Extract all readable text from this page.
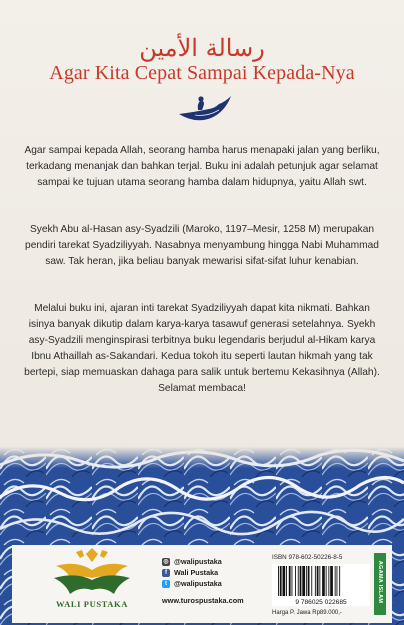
رسالة الأمين
Agar Kita Cepat Sampai Kepada-Nya
Agar sampai kepada Allah, seorang hamba harus menapaki jalan yang berliku, terkadang menanjak dan bahkan terjal. Buku ini adalah petunjuk agar selamat sampai ke tujuan utama seorang hamba dalam hidupnya, yaitu Allah swt.
Syekh Abu al-Hasan asy-Syadzili (Maroko, 1197–Mesir, 1258 M) merupakan pendiri tarekat Syadziliyyah. Nasabnya menyambung hingga Nabi Muhammad saw. Tak heran, jika beliau banyak mewarisi sifat-sifat luhur kenabian.
Melalui buku ini, ajaran inti tarekat Syadziliyyah dapat kita nikmati. Bahkan isinya banyak dikutip dalam karya-karya tasawuf generasi setelahnya. Syekh asy-Syadzili menginspirasi terbitnya buku legendaris berjudul al-Hikam karya Ibnu Athaillah as-Sakandari. Kedua tokoh itu seperti lautan hikmah yang tak bertepi, siap memuaskan dahaga para salik untuk bertemu Kekasihnya (Allah). Selamat membaca!
WALI PUSTAKA
◎ @walipustaka
f Wali Pustaka
t @walipustaka
www.turospustaka.com
ISBN 978-602-50226-8-5
9 786025 022685
Harga P. Jawa Rp89.000,-
AGAMA ISLAM
